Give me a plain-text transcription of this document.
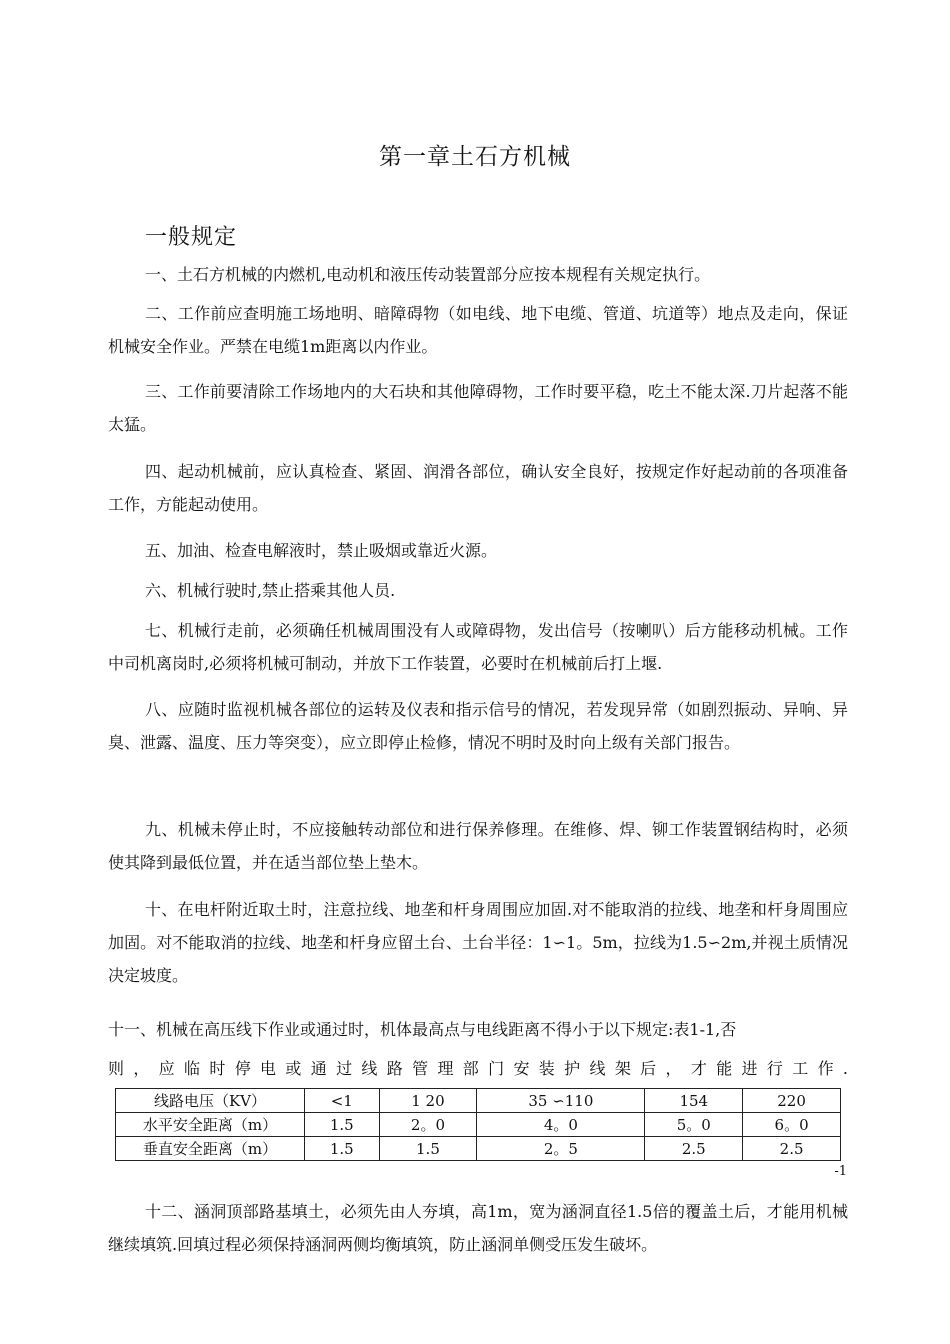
第一章土石方机械
一般规定

一、土石方机械的内燃机,电动机和液压传动装置部分应按本规程有关规定执行。

二、工作前应查明施工场地明、暗障碍物（如电线、地下电缆、管道、坑道等）地点及走向，保证机械安全作业。严禁在电缆1m距离以内作业。

三、工作前要清除工作场地内的大石块和其他障碍物，工作时要平稳，吃土不能太深.刀片起落不能太猛。

四、起动机械前，应认真检查、紧固、润滑各部位，确认安全良好，按规定作好起动前的各项准备工作，方能起动使用。

五、加油、检查电解液时，禁止吸烟或靠近火源。

六、机械行驶时,禁止搭乘其他人员.

七、机械行走前，必须确任机械周围没有人或障碍物，发出信号（按喇叭）后方能移动机械。工作中司机离岗时,必须将机械可制动，并放下工作装置，必要时在机械前后打上堰.

八、应随时监视机械各部位的运转及仪表和指示信号的情况，若发现异常（如剧烈振动、异响、异臭、泄露、温度、压力等突变），应立即停止检修，情况不明时及时向上级有关部门报告。

九、机械未停止时，不应接触转动部位和进行保养修理。在维修、焊、铆工作装置钢结构时，必须使其降到最低位置，并在适当部位垫上垫木。

十、在电杆附近取土时，注意拉线、地垄和杆身周围应加固.对不能取消的拉线、地垄和杆身周围应加固。对不能取消的拉线、地垄和杆身应留土台、土台半径：1∽1。5m，拉线为1.5∽2m,并视土质情况决定坡度。

十一、机械在高压线下作业或通过时，机体最高点与电线距离不得小于以下规定:表1-1,否

则，应临时停电或通过线路管理部门安装护线架后，才能进行工作.

线路电压（KV）	<1	1 20	35 ∽110	154	220
水平安全距离（m）	1.5	2。0	4。0	5。0	6。0
垂直安全距离（m）	1.5	1.5	2。5	2.5	2.5
-1

十二、涵洞顶部路基填土，必须先由人夯填，高1m，宽为涵洞直径1.5倍的覆盖土后，才能用机械继续填筑.回填过程必须保持涵洞两侧均衡填筑，防止涵洞单侧受压发生破坏。
